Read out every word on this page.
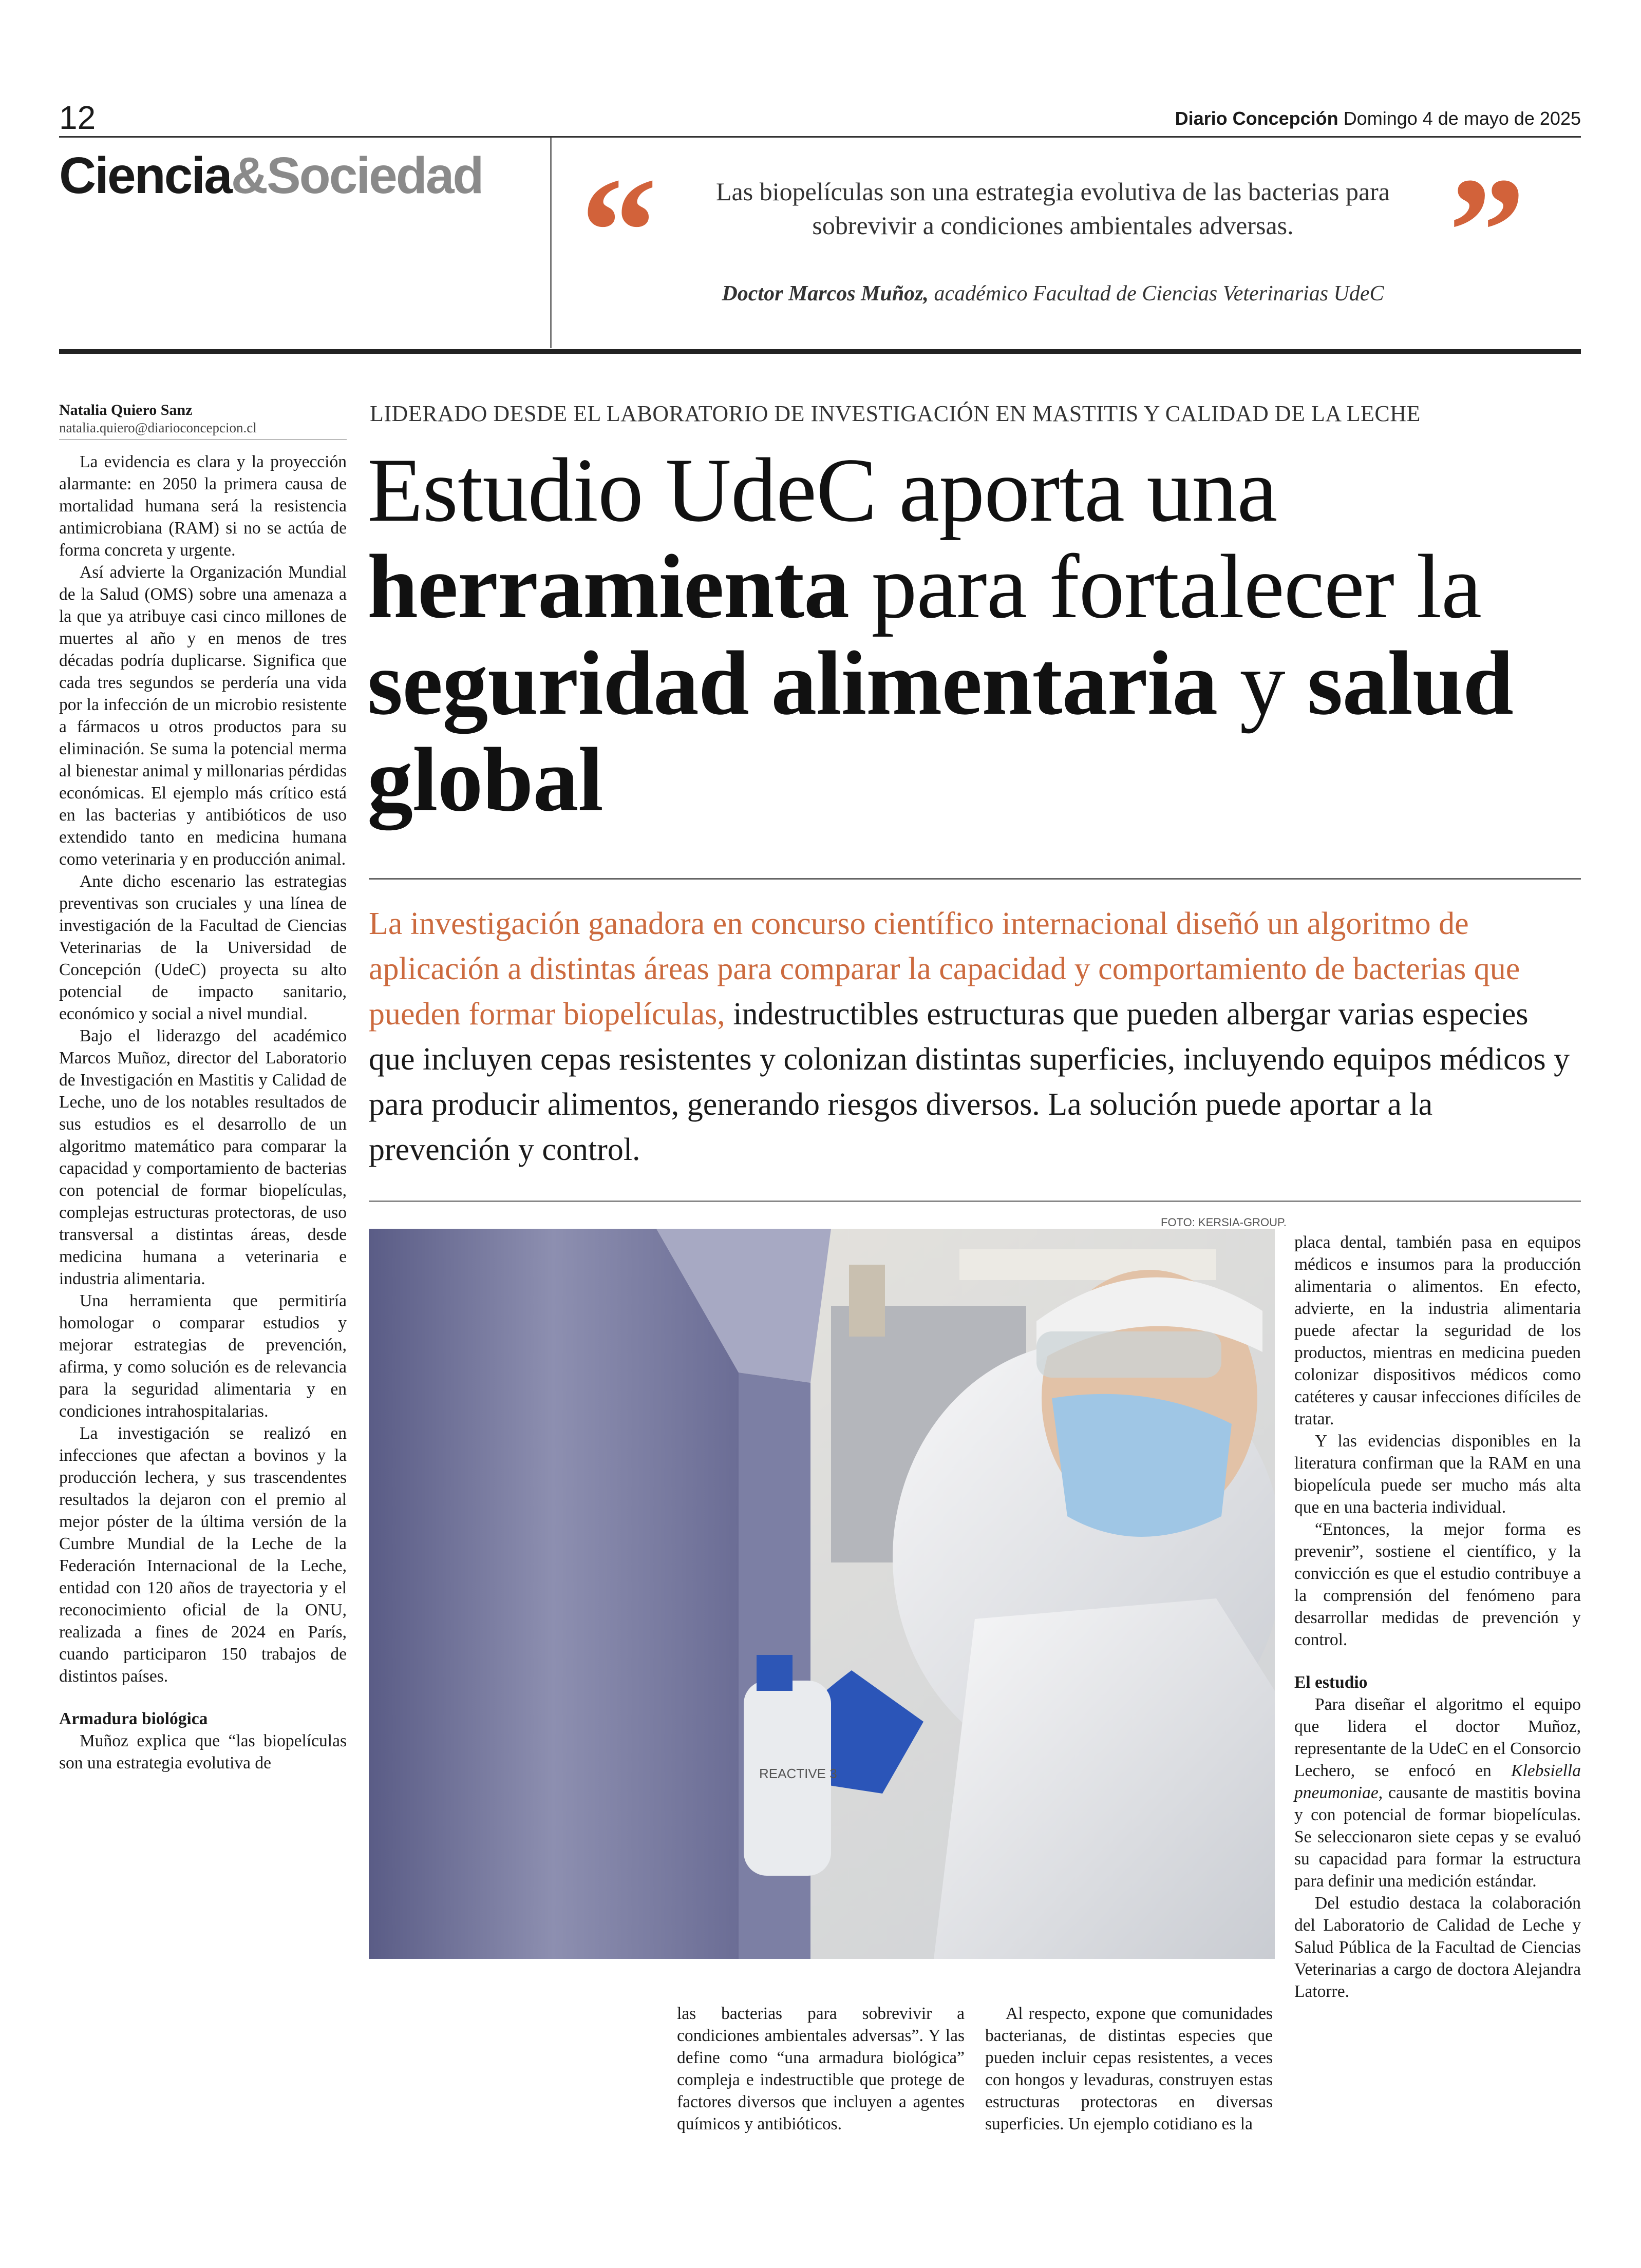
12	Diario Concepción Domingo 4 de mayo de 2025
Ciencia&Sociedad “	”
Las biopelículas son una estrategia evolutiva de las bacterias para sobrevivir a condiciones ambientales adversas.
Doctor Marcos Muñoz, académico Facultad de Ciencias Veterinarias UdeC
Natalia Quiero Sanz
natalia.quiero@diarioconcepcion.cl
LIDERADO DESDE EL LABORATORIO DE INVESTIGACIÓN EN MASTITIS Y CALIDAD DE LA LECHE
Estudio UdeC aporta una herramienta para fortalecer la seguridad alimentaria y salud global
La investigación ganadora en concurso científico internacional diseñó un algoritmo de aplicación a distintas áreas para comparar la capacidad y comportamiento de bacterias que pueden formar biopelículas, indestructibles estructuras que pueden albergar varias especies que incluyen cepas resistentes y colonizan distintas superficies, incluyendo equipos médicos y para producir alimentos, generando riesgos diversos. La solución puede aportar a la prevención y control.

La evidencia es clara y la proyección alarmante: en 2050 la primera causa de mortalidad humana será la resistencia antimicrobiana (RAM) si no se actúa de forma concreta y urgente.

Así advierte la Organización Mundial de la Salud (OMS) sobre una amenaza a la que ya atribuye casi cinco millones de muertes al año y en menos de tres décadas podría duplicarse. Significa que cada tres segundos se perdería una vida por la infección de un microbio resistente a fármacos u otros productos para su eliminación. Se suma la potencial merma al bienestar animal y millonarias pérdidas económicas. El ejemplo más crítico está en las bacterias y antibióticos de uso extendido tanto en medicina humana como veterinaria y en producción animal.

Ante dicho escenario las estrategias preventivas son cruciales y una línea de investigación de la Facultad de Ciencias Veterinarias de la Universidad de Concepción (UdeC) proyecta su alto potencial de impacto sanitario, económico y social a nivel mundial.

Bajo el liderazgo del académico Marcos Muñoz, director del Laboratorio de Investigación en Mastitis y Calidad de Leche, uno de los notables resultados de sus estudios es el desarrollo de un algoritmo matemático para comparar la capacidad y comportamiento de bacterias con potencial de formar biopelículas, complejas estructuras protectoras, de uso transversal a distintas áreas, desde medicina humana a veterinaria e industria alimentaria.

Una herramienta que permitiría homologar o comparar estudios y mejorar estrategias de prevención, afirma, y como solución es de relevancia para la seguridad alimentaria y en condiciones intrahospitalarias.

La investigación se realizó en infecciones que afectan a bovinos y la producción lechera, y sus trascendentes resultados la dejaron con el premio al mejor póster de la última versión de la Cumbre Mundial de la Leche de la Federación Internacional de la Leche, entidad con 120 años de trayectoria y el reconocimiento oficial de la ONU, realizada a fines de 2024 en París, cuando participaron 150 trabajos de distintos países.

Armadura biológica

Muñoz explica que “las biopelículas son una estrategia evolutiva de

FOTO: KERSIA-GROUP.
REACTIVE 3

las bacterias para sobrevivir a condiciones ambientales adversas”. Y las define como “una armadura biológica” compleja e indestructible que protege de factores diversos que incluyen a agentes químicos y antibióticos.

Al respecto, expone que comunidades bacterianas, de distintas especies que pueden incluir cepas resistentes, a veces con hongos y levaduras, construyen estas estructuras protectoras en diversas superficies. Un ejemplo cotidiano es la

placa dental, también pasa en equipos médicos e insumos para la producción alimentaria o alimentos. En efecto, advierte, en la industria alimentaria puede afectar la seguridad de los productos, mientras en medicina pueden colonizar dispositivos médicos como catéteres y causar infecciones difíciles de tratar.

Y las evidencias disponibles en la literatura confirman que la RAM en una biopelícula puede ser mucho más alta que en una bacteria individual.

“Entonces, la mejor forma es prevenir”, sostiene el científico, y la convicción es que el estudio contribuye a la comprensión del fenómeno para desarrollar medidas de prevención y control.

El estudio

Para diseñar el algoritmo el equipo que lidera el doctor Muñoz, representante de la UdeC en el Consorcio Lechero, se enfocó en Klebsiella pneumoniae, causante de mastitis bovina y con potencial de formar biopelículas. Se seleccionaron siete cepas y se evaluó su capacidad para formar la estructura para definir una medición estándar.

Del estudio destaca la colaboración del Laboratorio de Calidad de Leche y Salud Pública de la Facultad de Ciencias Veterinarias a cargo de doctora Alejandra Latorre.
